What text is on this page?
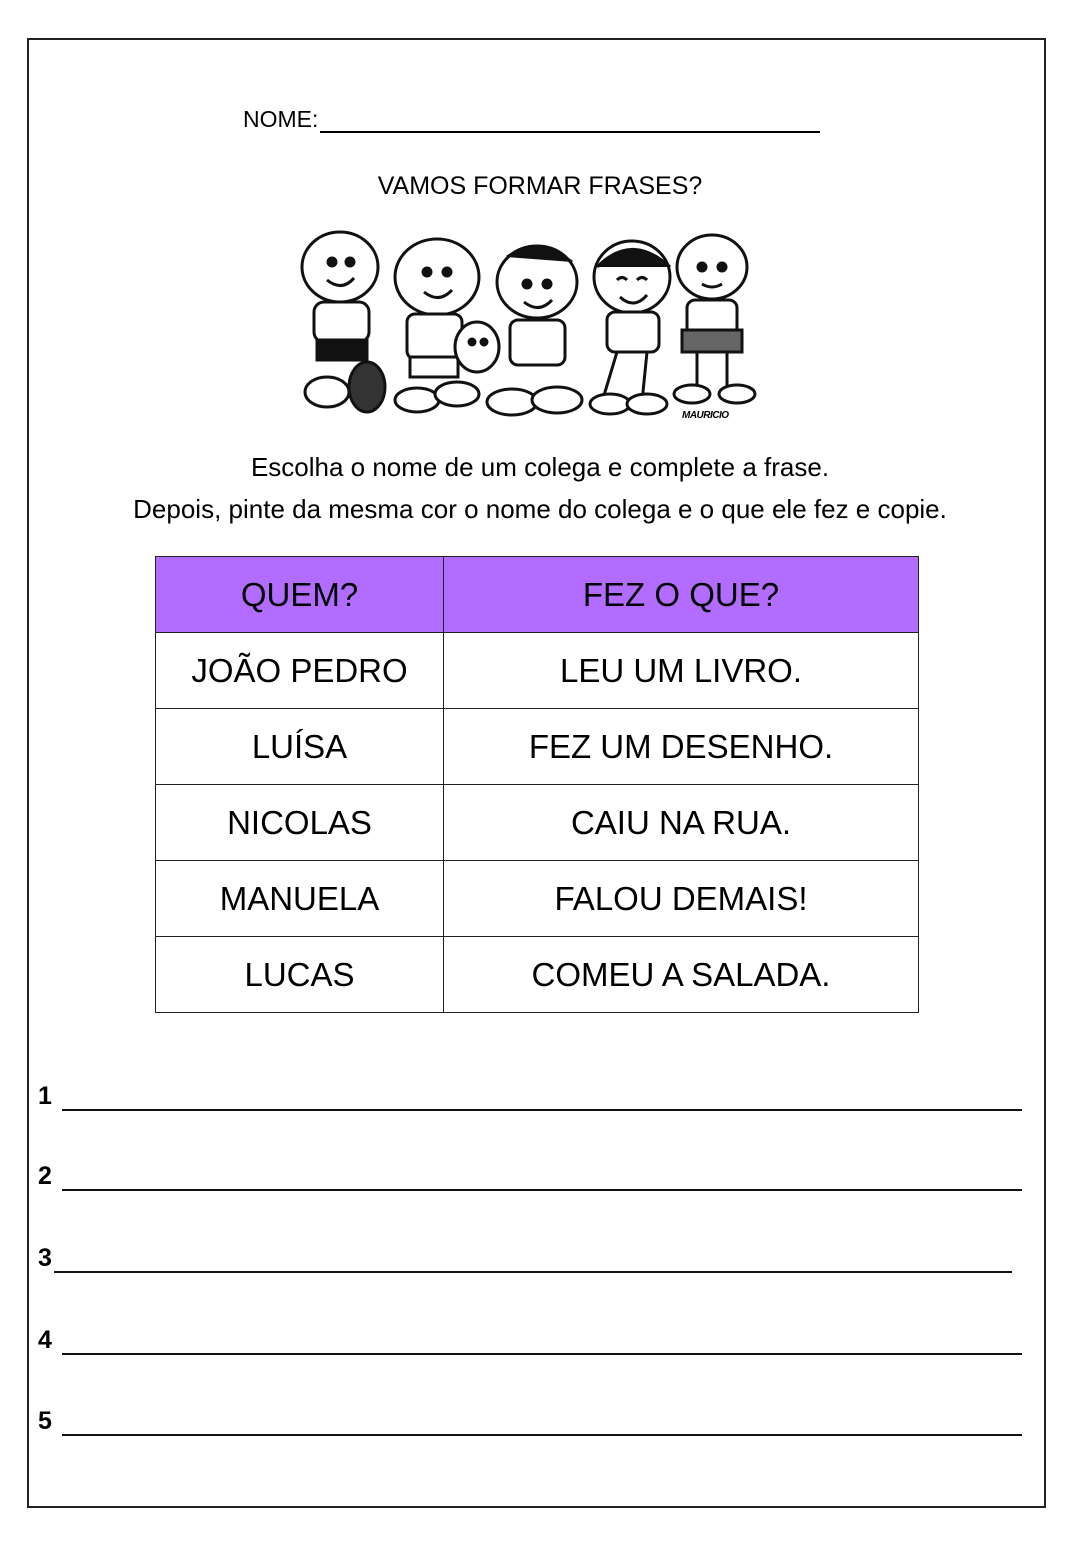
NOME:
VAMOS FORMAR FRASES?
MAURICIO
Escolha o nome de um colega e complete a frase.
Depois, pinte da mesma cor o nome do colega e o que ele fez e copie.
QUEM?	FEZ O QUE?
JOÃO PEDRO	LEU UM LIVRO.
LUÍSA	FEZ UM DESENHO.
NICOLAS	CAIU NA RUA.
MANUELA	FALOU DEMAIS!
LUCAS	COMEU A SALADA.
1
2
3
4
5
